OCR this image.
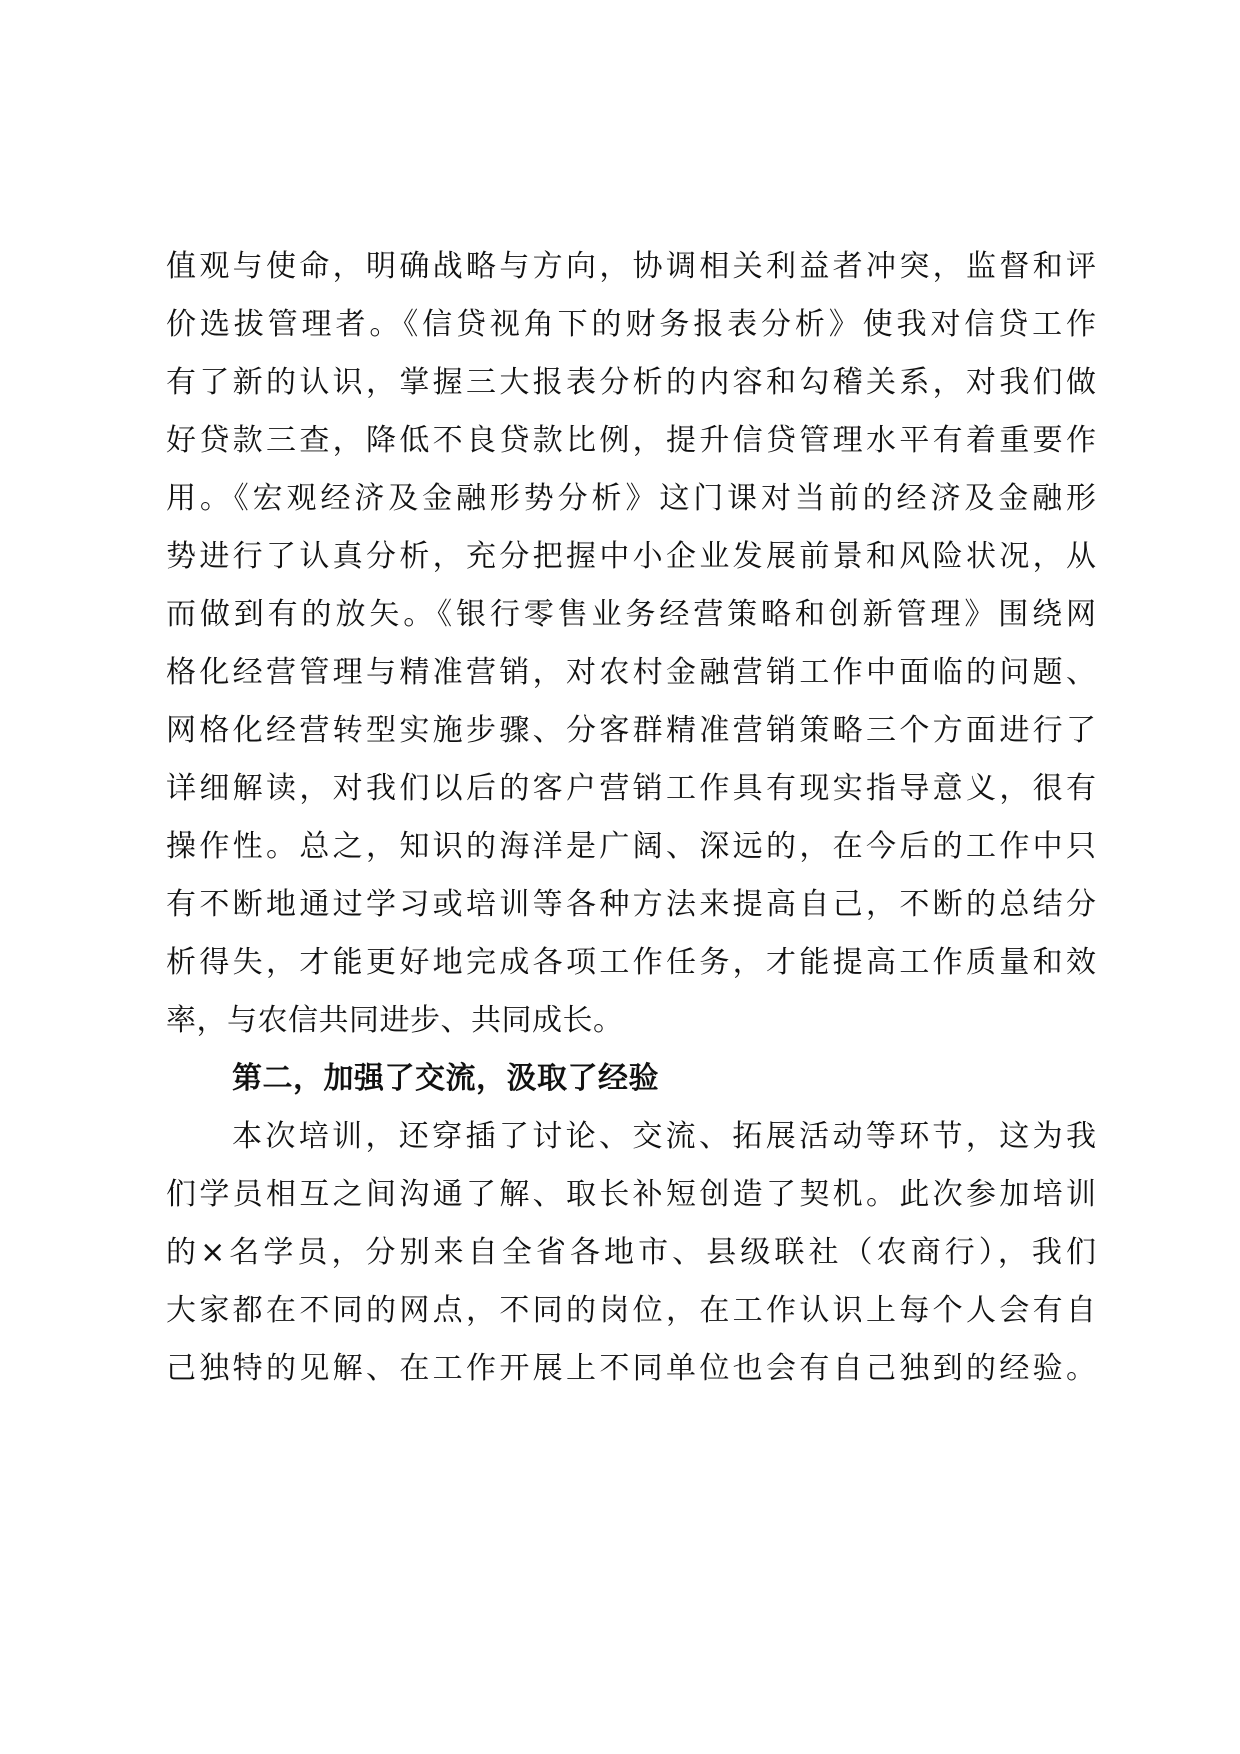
值观与使命，明确战略与方向，协调相关利益者冲突，监督和评
价选拔管理者。《信贷视角下的财务报表分析》使我对信贷工作
有了新的认识，掌握三大报表分析的内容和勾稽关系，对我们做
好贷款三查，降低不良贷款比例，提升信贷管理水平有着重要作
用。《宏观经济及金融形势分析》这门课对当前的经济及金融形
势进行了认真分析，充分把握中小企业发展前景和风险状况，从
而做到有的放矢。《银行零售业务经营策略和创新管理》围绕网
格化经营管理与精准营销，对农村金融营销工作中面临的问题、
网格化经营转型实施步骤、分客群精准营销策略三个方面进行了
详细解读，对我们以后的客户营销工作具有现实指导意义，很有
操作性。总之，知识的海洋是广阔、深远的，在今后的工作中只
有不断地通过学习或培训等各种方法来提高自己，不断的总结分
析得失，才能更好地完成各项工作任务，才能提高工作质量和效
率，与农信共同进步、共同成长。
第二，加强了交流，汲取了经验
本次培训，还穿插了讨论、交流、拓展活动等环节，这为我
们学员相互之间沟通了解、取长补短创造了契机。此次参加培训
的×名学员，分别来自全省各地市、县级联社（农商行），我们
大家都在不同的网点，不同的岗位，在工作认识上每个人会有自
己独特的见解、在工作开展上不同单位也会有自己独到的经验。
